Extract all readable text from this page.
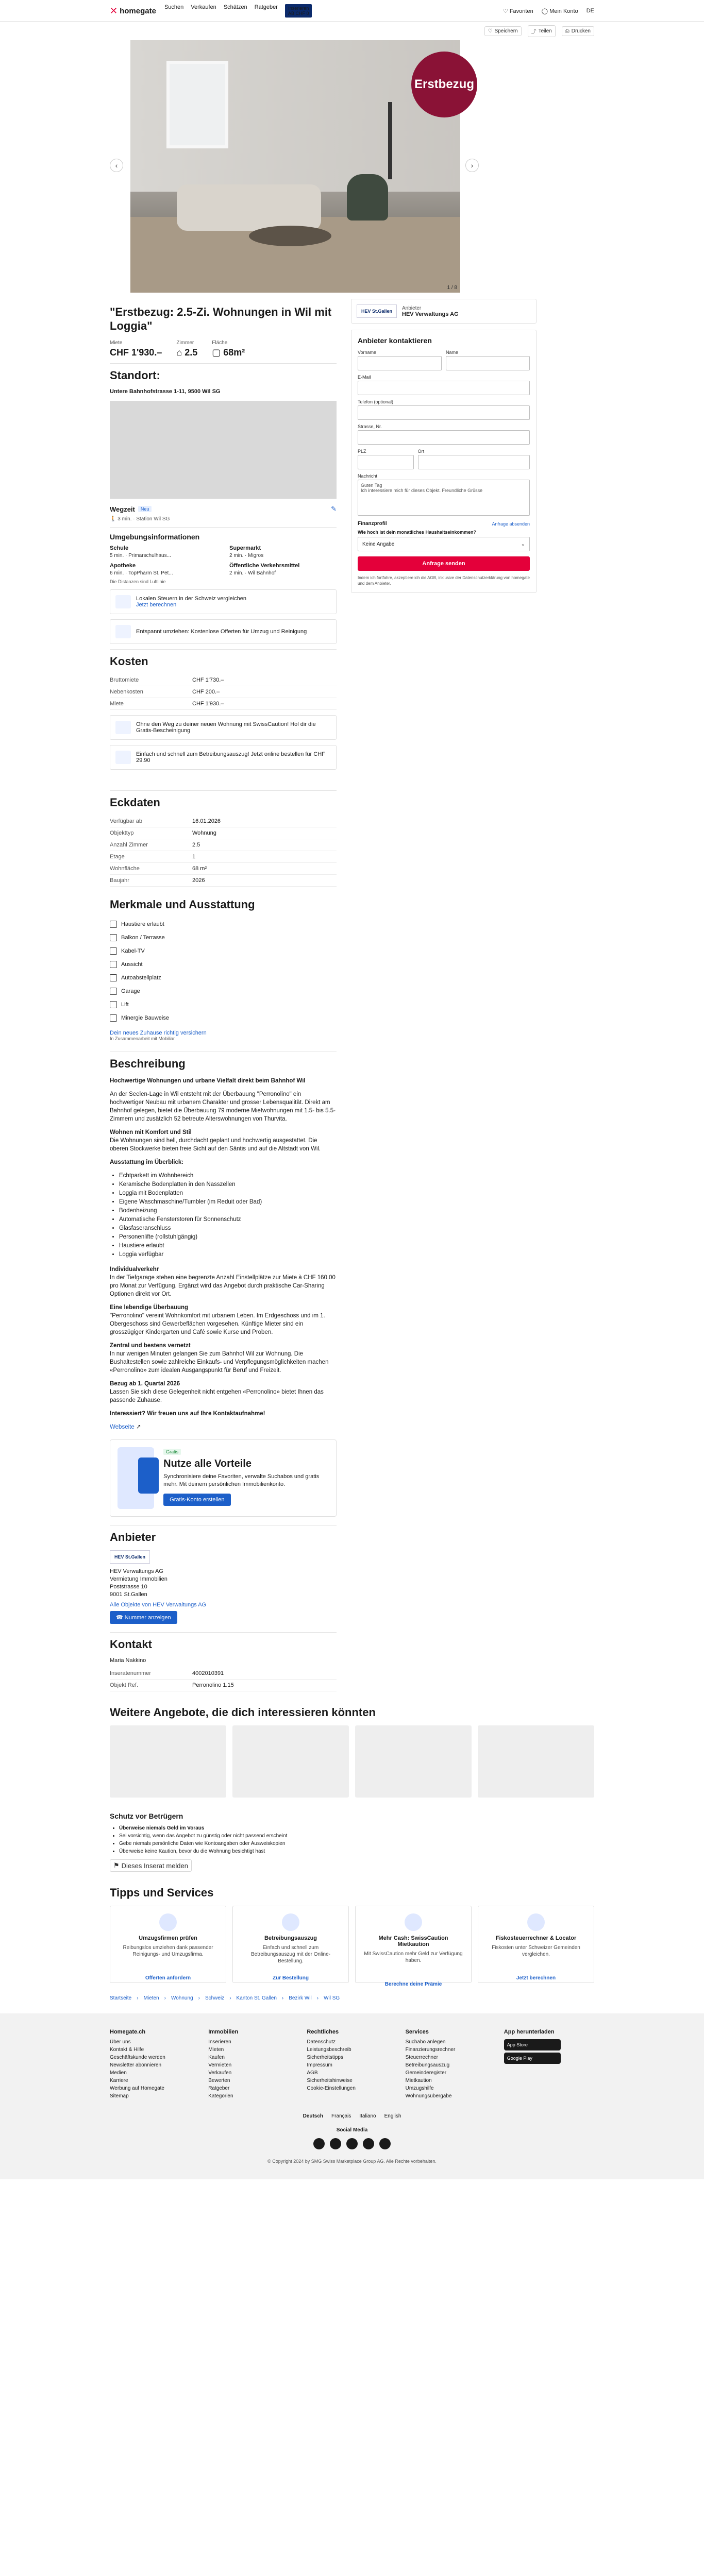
✕ homegate Suchen Verkaufen Schätzen Ratgeber	Inserieren
AB CHF 0	♡ Favoriten ◯ Mein Konto DE
♡ Speichern	⤴ Teilen	⎙ Drucken
‹
Erstbezug
›
1 / 8
"Erstbezug: 2.5-Zi. Wohnungen in Wil mit Loggia"
Miete
CHF 1'930.–
Zimmer
⌂ 2.5
Fläche
▢ 68m²
Standort:
Untere Bahnhofstrasse 1-11, 9500 Wil SG
Wegzeit	Neu	✎
🚶 3 min. · Station Wil SG
Umgebungsinformationen
Schule
5 min. · Primarschulhaus...
Supermarkt
2 min. · Migros
Apotheke
6 min. · TopPharm St. Pet...
Öffentliche Verkehrsmittel
2 min. · Wil Bahnhof
Die Distanzen sind Luftlinie
Lokalen Steuern in der Schweiz vergleichen
Jetzt berechnen
Entspannt umziehen: Kostenlose Offerten für Umzug und Reinigung
Kosten
Bruttomiete	CHF 1'730.–
Nebenkosten	CHF 200.–
Miete	CHF 1'930.–
Ohne den Weg zu deiner neuen Wohnung mit SwissCaution! Hol dir die Gratis-Bescheinigung
Einfach und schnell zum Betreibungsauszug! Jetzt online bestellen für CHF 29.90
Eckdaten
Verfügbar ab	16.01.2026
Objekttyp	Wohnung
Anzahl Zimmer	2.5
Etage	1
Wohnfläche	68 m²
Baujahr	2026
Merkmale und Ausstattung
Haustiere erlaubt
Balkon / Terrasse
Kabel-TV
Aussicht
Autoabstellplatz
Garage
Lift
Minergie Bauweise
Dein neues Zuhause richtig versichern
In Zusammenarbeit mit Mobiliar
Beschreibung

Hochwertige Wohnungen und urbane Vielfalt direkt beim Bahnhof Wil

An der Seelen-Lage in Wil entsteht mit der Überbauung "Perronolino" ein hochwertiger Neubau mit urbanem Charakter und grosser Lebensqualität. Direkt am Bahnhof gelegen, bietet die Überbauung 79 moderne Mietwohnungen mit 1.5- bis 5.5-Zimmern und zusätzlich 52 betreute Alterswohnungen von Thurvita.

Wohnen mit Komfort und Stil
Die Wohnungen sind hell, durchdacht geplant und hochwertig ausgestattet. Die oberen Stockwerke bieten freie Sicht auf den Säntis und auf die Altstadt von Wil.

Ausstattung im Überblick:

• Echtparkett im Wohnbereich
• Keramische Bodenplatten in den Nasszellen
• Loggia mit Bodenplatten
• Eigene Waschmaschine/Tumbler (im Reduit oder Bad)
• Bodenheizung
• Automatische Fensterstoren für Sonnenschutz
• Glasfaseranschluss
• Personenlifte (rollstuhlgängig)
• Haustiere erlaubt
• Loggia verfügbar

Individualverkehr
In der Tiefgarage stehen eine begrenzte Anzahl Einstellplätze zur Miete à CHF 160.00 pro Monat zur Verfügung. Ergänzt wird das Angebot durch praktische Car-Sharing Optionen direkt vor Ort.

Eine lebendige Überbauung
"Perronolino" vereint Wohnkomfort mit urbanem Leben. Im Erdgeschoss und im 1. Obergeschoss sind Gewerbeflächen vorgesehen. Künftige Mieter sind ein grosszügiger Kindergarten und Café sowie Kurse und Proben.

Zentral und bestens vernetzt
In nur wenigen Minuten gelangen Sie zum Bahnhof Wil zur Wohnung. Die Bushaltestellen sowie zahlreiche Einkaufs- und Verpflegungsmöglichkeiten machen «Perronolino» zum idealen Ausgangspunkt für Beruf und Freizeit.

Bezug ab 1. Quartal 2026
Lassen Sie sich diese Gelegenheit nicht entgehen «Perronolino» bietet Ihnen das passende Zuhause.

Interessiert? Wir freuen uns auf Ihre Kontaktaufnahme!

Webseite ↗

Gratis
Nutze alle Vorteile
Synchronisiere deine Favoriten, verwalte Suchabos und gratis mehr. Mit deinem persönlichen Immobilienkonto.
Gratis-Konto erstellen
Anbieter
HEV St.Gallen
HEV Verwaltungs AG
Vermietung Immobilien
Poststrasse 10
9001 St.Gallen
Alle Objekte von HEV Verwaltungs AG
☎ Nummer anzeigen
Kontakt
Maria Nakkino
Inseratenummer	4002010391
Objekt Ref.	Perronolino 1.15
HEV St.Gallen
Anbieter
HEV Verwaltungs AG
Anbieter kontaktieren
Vorname	Name
E-Mail
Telefon (optional)
Strasse, Nr.
PLZ	Ort
Nachricht
Guten Tag
Ich interessiere mich für dieses Objekt. Freundliche Grüsse
Finanzprofil	Anfrage absenden
Wie hoch ist dein monatliches Haushaltseinkommen?
Keine Angabe	⌄
Anfrage senden
Indem ich fortfahre, akzeptiere ich die AGB, inklusive der Datenschutzerklärung von homegate und dem Anbieter.
Weitere Angebote, die dich interessieren könnten
Schutz vor Betrügern
• Überweise niemals Geld im Voraus
• Sei vorsichtig, wenn das Angebot zu günstig oder nicht passend erscheint
• Gebe niemals persönliche Daten wie Kontoangaben oder Ausweiskopien
• Überweise keine Kaution, bevor du die Wohnung besichtigt hast
⚑ Dieses Inserat melden
Tipps und Services
Umzugsfirmen prüfen
Reibungslos umziehen dank passender Reinigungs- und Umzugsfirma.
Offerten anfordern
Betreibungsauszug
Einfach und schnell zum Betreibungsauszug mit der Online-Bestellung.
Zur Bestellung
Mehr Cash: SwissCaution Mietkaution
Mit SwissCaution mehr Geld zur Verfügung haben.
Berechne deine Prämie
Fiskosteuerrechner & Locator
Fiskosten unter Schweizer Gemeinden vergleichen.
Jetzt berechnen
Startseite › Mieten › Wohnung › Schweiz › Kanton St. Gallen › Bezirk Wil › Wil SG
Homegate.ch
Über uns
Kontakt & Hilfe
Geschäftskunde werden
Newsletter abonnieren
Medien
Karriere
Werbung auf Homegate
Sitemap
Immobilien
Inserieren
Mieten
Kaufen
Vermieten
Verkaufen
Bewerten
Ratgeber
Kategorien
Rechtliches
Datenschutz
Leistungsbeschreib
Sicherheitstipps
Impressum
AGB
Sicherheitshinweise
Cookie-Einstellungen
Services
Suchabo anlegen
Finanzierungsrechner
Steuerrechner
Betreibungsauszug
Gemeinderegister
Mietkaution
Umzugshilfe
Wohnungsübergabe
App herunterladen
App Store
Google Play
Deutsch Français Italiano English
Social Media
© Copyright 2024 by SMG Swiss Marketplace Group AG. Alle Rechte vorbehalten.
